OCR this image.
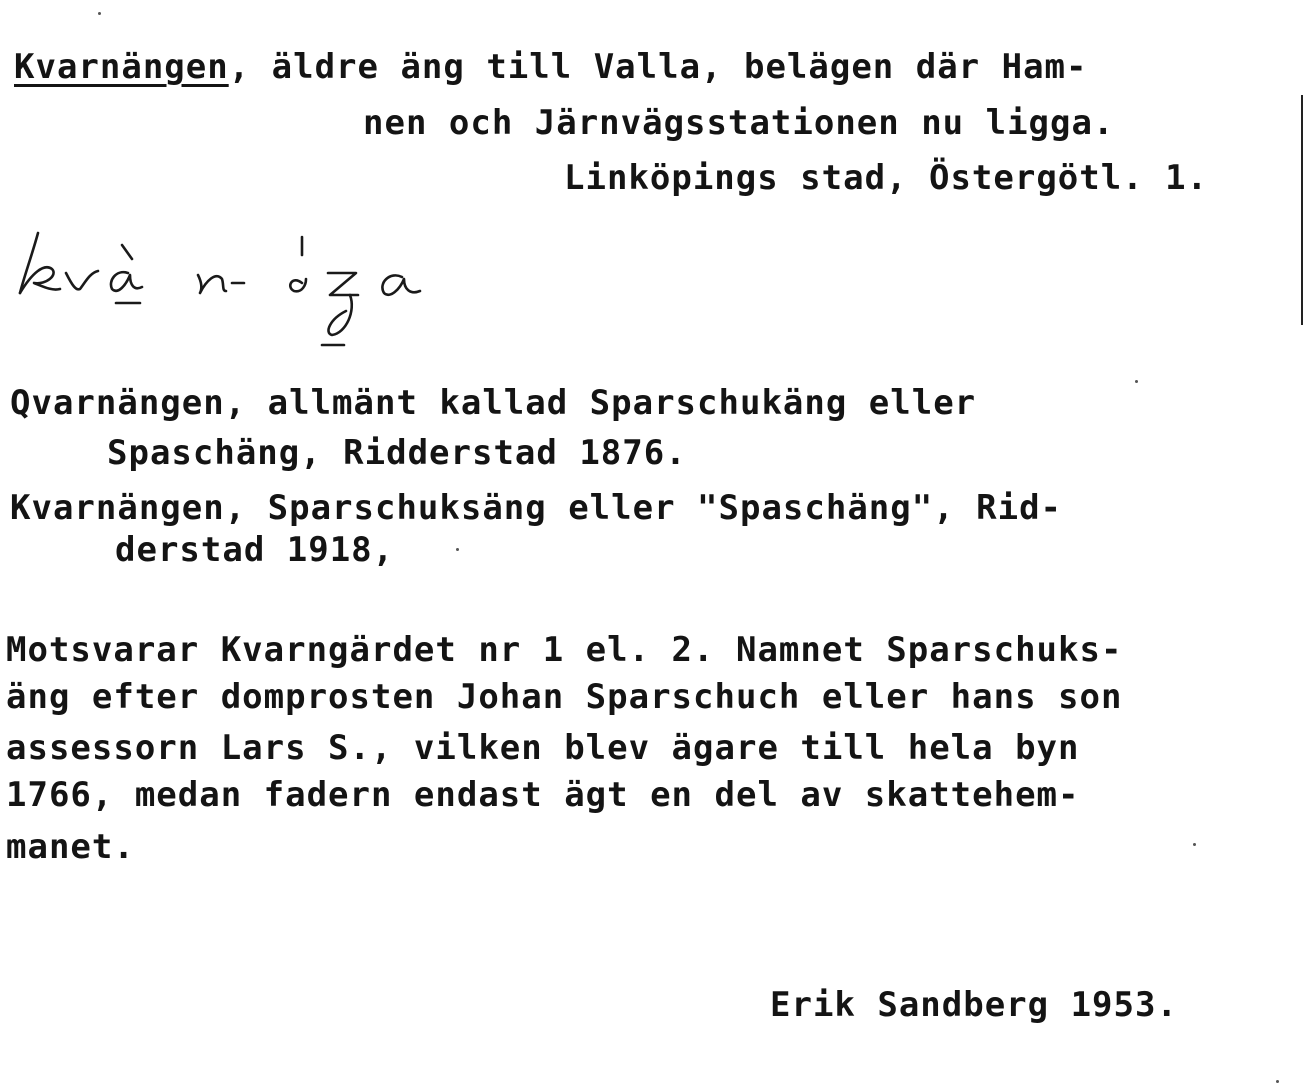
Kvarnängen, äldre äng till Valla, belägen där Ham-
nen och Järnvägsstationen nu ligga.
Linköpings stad, Östergötl. 1.
Qvarnängen, allmänt kallad Sparschukäng eller
Spaschäng, Ridderstad 1876.
Kvarnängen, Sparschuksäng eller "Spaschäng", Rid-
derstad 1918,
Motsvarar Kvarngärdet nr 1 el. 2. Namnet Sparschuks-
äng efter domprosten Johan Sparschuch eller hans son
assessorn Lars S., vilken blev ägare till hela byn
1766, medan fadern endast ägt en del av skattehem-
manet.
Erik Sandberg 1953.
